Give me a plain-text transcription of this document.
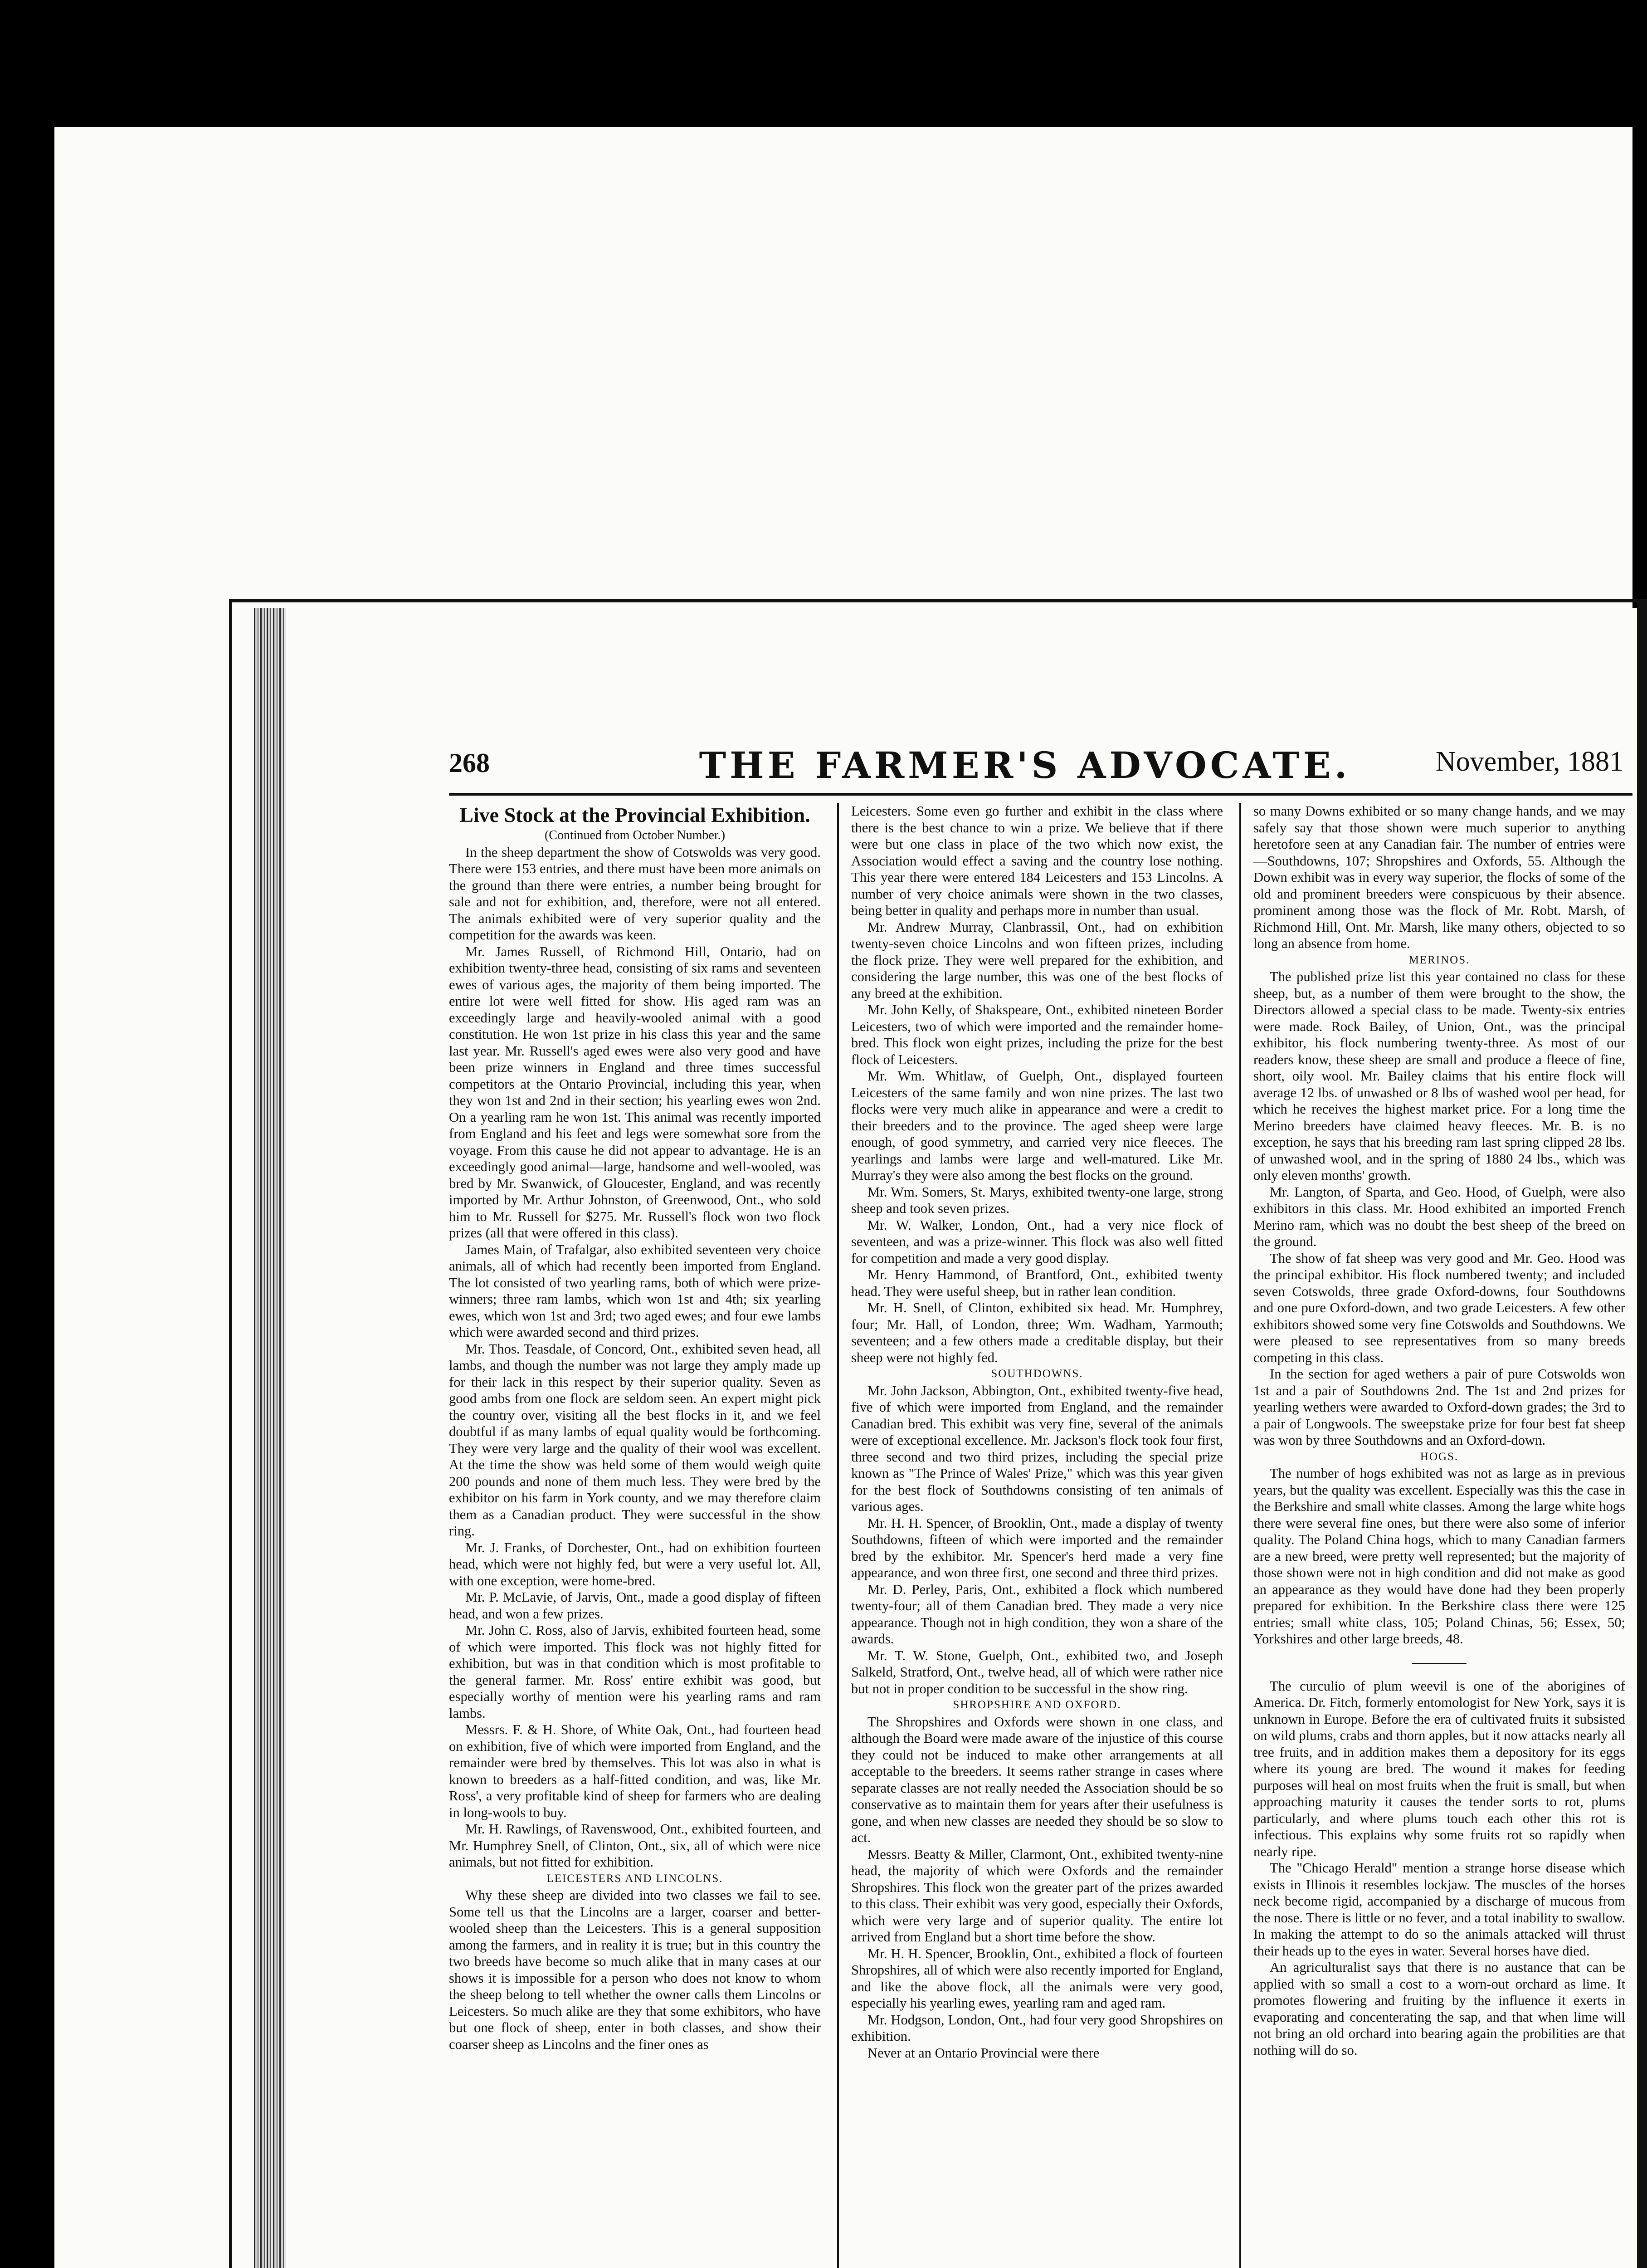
268	THE FARMER'S ADVOCATE.	November, 1881

Live Stock at the Provincial Exhibition.

(Continued from October Number.)

In the sheep department the show of Cotswolds was very good. There were 153 entries, and there must have been more animals on the ground than there were entries, a number being brought for sale and not for exhibition, and, therefore, were not all entered. The animals exhibited were of very superior quality and the competition for the awards was keen.

Mr. James Russell, of Richmond Hill, Ontario, had on exhibition twenty-three head, consisting of six rams and seventeen ewes of various ages, the majority of them being imported. The entire lot were well fitted for show. His aged ram was an exceedingly large and heavily-wooled animal with a good constitution. He won 1st prize in his class this year and the same last year. Mr. Russell's aged ewes were also very good and have been prize winners in England and three times successful competitors at the Ontario Provincial, including this year, when they won 1st and 2nd in their section; his yearling ewes won 2nd. On a yearling ram he won 1st. This animal was recently imported from England and his feet and legs were somewhat sore from the voyage. From this cause he did not appear to advantage. He is an exceedingly good animal—large, handsome and well-wooled, was bred by Mr. Swanwick, of Gloucester, England, and was recently imported by Mr. Arthur Johnston, of Greenwood, Ont., who sold him to Mr. Russell for $275. Mr. Russell's flock won two flock prizes (all that were offered in this class).

James Main, of Trafalgar, also exhibited seventeen very choice animals, all of which had recently been imported from England. The lot consisted of two yearling rams, both of which were prize-winners; three ram lambs, which won 1st and 4th; six yearling ewes, which won 1st and 3rd; two aged ewes; and four ewe lambs which were awarded second and third prizes.

Mr. Thos. Teasdale, of Concord, Ont., exhibited seven head, all lambs, and though the number was not large they amply made up for their lack in this respect by their superior quality. Seven as good ambs from one flock are seldom seen. An expert might pick the country over, visiting all the best flocks in it, and we feel doubtful if as many lambs of equal quality would be forthcoming. They were very large and the quality of their wool was excellent. At the time the show was held some of them would weigh quite 200 pounds and none of them much less. They were bred by the exhibitor on his farm in York county, and we may therefore claim them as a Canadian product. They were successful in the show ring.

Mr. J. Franks, of Dorchester, Ont., had on exhibition fourteen head, which were not highly fed, but were a very useful lot. All, with one exception, were home-bred.

Mr. P. McLavie, of Jarvis, Ont., made a good display of fifteen head, and won a few prizes.

Mr. John C. Ross, also of Jarvis, exhibited fourteen head, some of which were imported. This flock was not highly fitted for exhibition, but was in that condition which is most profitable to the general farmer. Mr. Ross' entire exhibit was good, but especially worthy of mention were his yearling rams and ram lambs.

Messrs. F. & H. Shore, of White Oak, Ont., had fourteen head on exhibition, five of which were imported from England, and the remainder were bred by themselves. This lot was also in what is known to breeders as a half-fitted condition, and was, like Mr. Ross', a very profitable kind of sheep for farmers who are dealing in long-wools to buy.

Mr. H. Rawlings, of Ravenswood, Ont., exhibited fourteen, and Mr. Humphrey Snell, of Clinton, Ont., six, all of which were nice animals, but not fitted for exhibition.

LEICESTERS AND LINCOLNS.

Why these sheep are divided into two classes we fail to see. Some tell us that the Lincolns are a larger, coarser and better-wooled sheep than the Leicesters. This is a general supposition among the farmers, and in reality it is true; but in this country the two breeds have become so much alike that in many cases at our shows it is impossible for a person who does not know to whom the sheep belong to tell whether the owner calls them Lincolns or Leicesters. So much alike are they that some exhibitors, who have but one flock of sheep, enter in both classes, and show their coarser sheep as Lincolns and the finer ones as

Leicesters. Some even go further and exhibit in the class where there is the best chance to win a prize. We believe that if there were but one class in place of the two which now exist, the Association would effect a saving and the country lose nothing. This year there were entered 184 Leicesters and 153 Lincolns. A number of very choice animals were shown in the two classes, being better in quality and perhaps more in number than usual.

Mr. Andrew Murray, Clanbrassil, Ont., had on exhibition twenty-seven choice Lincolns and won fifteen prizes, including the flock prize. They were well prepared for the exhibition, and considering the large number, this was one of the best flocks of any breed at the exhibition.

Mr. John Kelly, of Shakspeare, Ont., exhibited nineteen Border Leicesters, two of which were imported and the remainder home-bred. This flock won eight prizes, including the prize for the best flock of Leicesters.

Mr. Wm. Whitlaw, of Guelph, Ont., displayed fourteen Leicesters of the same family and won nine prizes. The last two flocks were very much alike in appearance and were a credit to their breeders and to the province. The aged sheep were large enough, of good symmetry, and carried very nice fleeces. The yearlings and lambs were large and well-matured. Like Mr. Murray's they were also among the best flocks on the ground.

Mr. Wm. Somers, St. Marys, exhibited twenty-one large, strong sheep and took seven prizes.

Mr. W. Walker, London, Ont., had a very nice flock of seventeen, and was a prize-winner. This flock was also well fitted for competition and made a very good display.

Mr. Henry Hammond, of Brantford, Ont., exhibited twenty head. They were useful sheep, but in rather lean condition.

Mr. H. Snell, of Clinton, exhibited six head. Mr. Humphrey, four; Mr. Hall, of London, three; Wm. Wadham, Yarmouth; seventeen; and a few others made a creditable display, but their sheep were not highly fed.

SOUTHDOWNS.

Mr. John Jackson, Abbington, Ont., exhibited twenty-five head, five of which were imported from England, and the remainder Canadian bred. This exhibit was very fine, several of the animals were of exceptional excellence. Mr. Jackson's flock took four first, three second and two third prizes, including the special prize known as "The Prince of Wales' Prize," which was this year given for the best flock of Southdowns consisting of ten animals of various ages.

Mr. H. H. Spencer, of Brooklin, Ont., made a display of twenty Southdowns, fifteen of which were imported and the remainder bred by the exhibitor. Mr. Spencer's herd made a very fine appearance, and won three first, one second and three third prizes.

Mr. D. Perley, Paris, Ont., exhibited a flock which numbered twenty-four; all of them Canadian bred. They made a very nice appearance. Though not in high condition, they won a share of the awards.

Mr. T. W. Stone, Guelph, Ont., exhibited two, and Joseph Salkeld, Stratford, Ont., twelve head, all of which were rather nice but not in proper condition to be successful in the show ring.

SHROPSHIRE AND OXFORD.

The Shropshires and Oxfords were shown in one class, and although the Board were made aware of the injustice of this course they could not be induced to make other arrangements at all acceptable to the breeders. It seems rather strange in cases where separate classes are not really needed the Association should be so conservative as to maintain them for years after their usefulness is gone, and when new classes are needed they should be so slow to act.

Messrs. Beatty & Miller, Clarmont, Ont., exhibited twenty-nine head, the majority of which were Oxfords and the remainder Shropshires. This flock won the greater part of the prizes awarded to this class. Their exhibit was very good, especially their Oxfords, which were very large and of superior quality. The entire lot arrived from England but a short time before the show.

Mr. H. H. Spencer, Brooklin, Ont., exhibited a flock of fourteen Shropshires, all of which were also recently imported for England, and like the above flock, all the animals were very good, especially his yearling ewes, yearling ram and aged ram.

Mr. Hodgson, London, Ont., had four very good Shropshires on exhibition.

Never at an Ontario Provincial were there

so many Downs exhibited or so many change hands, and we may safely say that those shown were much superior to anything heretofore seen at any Canadian fair. The number of entries were—Southdowns, 107; Shropshires and Oxfords, 55. Although the Down exhibit was in every way superior, the flocks of some of the old and prominent breeders were conspicuous by their absence. prominent among those was the flock of Mr. Robt. Marsh, of Richmond Hill, Ont. Mr. Marsh, like many others, objected to so long an absence from home.

MERINOS.

The published prize list this year contained no class for these sheep, but, as a number of them were brought to the show, the Directors allowed a special class to be made. Twenty-six entries were made. Rock Bailey, of Union, Ont., was the principal exhibitor, his flock numbering twenty-three. As most of our readers know, these sheep are small and produce a fleece of fine, short, oily wool. Mr. Bailey claims that his entire flock will average 12 lbs. of unwashed or 8 lbs of washed wool per head, for which he receives the highest market price. For a long time the Merino breeders have claimed heavy fleeces. Mr. B. is no exception, he says that his breeding ram last spring clipped 28 lbs. of unwashed wool, and in the spring of 1880 24 lbs., which was only eleven months' growth.

Mr. Langton, of Sparta, and Geo. Hood, of Guelph, were also exhibitors in this class. Mr. Hood exhibited an imported French Merino ram, which was no doubt the best sheep of the breed on the ground.

The show of fat sheep was very good and Mr. Geo. Hood was the principal exhibitor. His flock numbered twenty; and included seven Cotswolds, three grade Oxford-downs, four Southdowns and one pure Oxford-down, and two grade Leicesters. A few other exhibitors showed some very fine Cotswolds and Southdowns. We were pleased to see representatives from so many breeds competing in this class.

In the section for aged wethers a pair of pure Cotswolds won 1st and a pair of Southdowns 2nd. The 1st and 2nd prizes for yearling wethers were awarded to Oxford-down grades; the 3rd to a pair of Longwools. The sweepstake prize for four best fat sheep was won by three Southdowns and an Oxford-down.

HOGS.

The number of hogs exhibited was not as large as in previous years, but the quality was excellent. Especially was this the case in the Berkshire and small white classes. Among the large white hogs there were several fine ones, but there were also some of inferior quality. The Poland China hogs, which to many Canadian farmers are a new breed, were pretty well represented; but the majority of those shown were not in high condition and did not make as good an appearance as they would have done had they been properly prepared for exhibition. In the Berkshire class there were 125 entries; small white class, 105; Poland Chinas, 56; Essex, 50; Yorkshires and other large breeds, 48.

The curculio of plum weevil is one of the aborigines of America. Dr. Fitch, formerly entomologist for New York, says it is unknown in Europe. Before the era of cultivated fruits it subsisted on wild plums, crabs and thorn apples, but it now attacks nearly all tree fruits, and in addition makes them a depository for its eggs where its young are bred. The wound it makes for feeding purposes will heal on most fruits when the fruit is small, but when approaching maturity it causes the tender sorts to rot, plums particularly, and where plums touch each other this rot is infectious. This explains why some fruits rot so rapidly when nearly ripe.

The "Chicago Herald" mention a strange horse disease which exists in Illinois it resembles lockjaw. The muscles of the horses neck become rigid, accompanied by a discharge of mucous from the nose. There is little or no fever, and a total inability to swallow. In making the attempt to do so the animals attacked will thrust their heads up to the eyes in water. Several horses have died.

An agriculturalist says that there is no austance that can be applied with so small a cost to a worn-out orchard as lime. It promotes flowering and fruiting by the influence it exerts in evaporating and concenterating the sap, and that when lime will not bring an old orchard into bearing again the probilities are that nothing will do so.
